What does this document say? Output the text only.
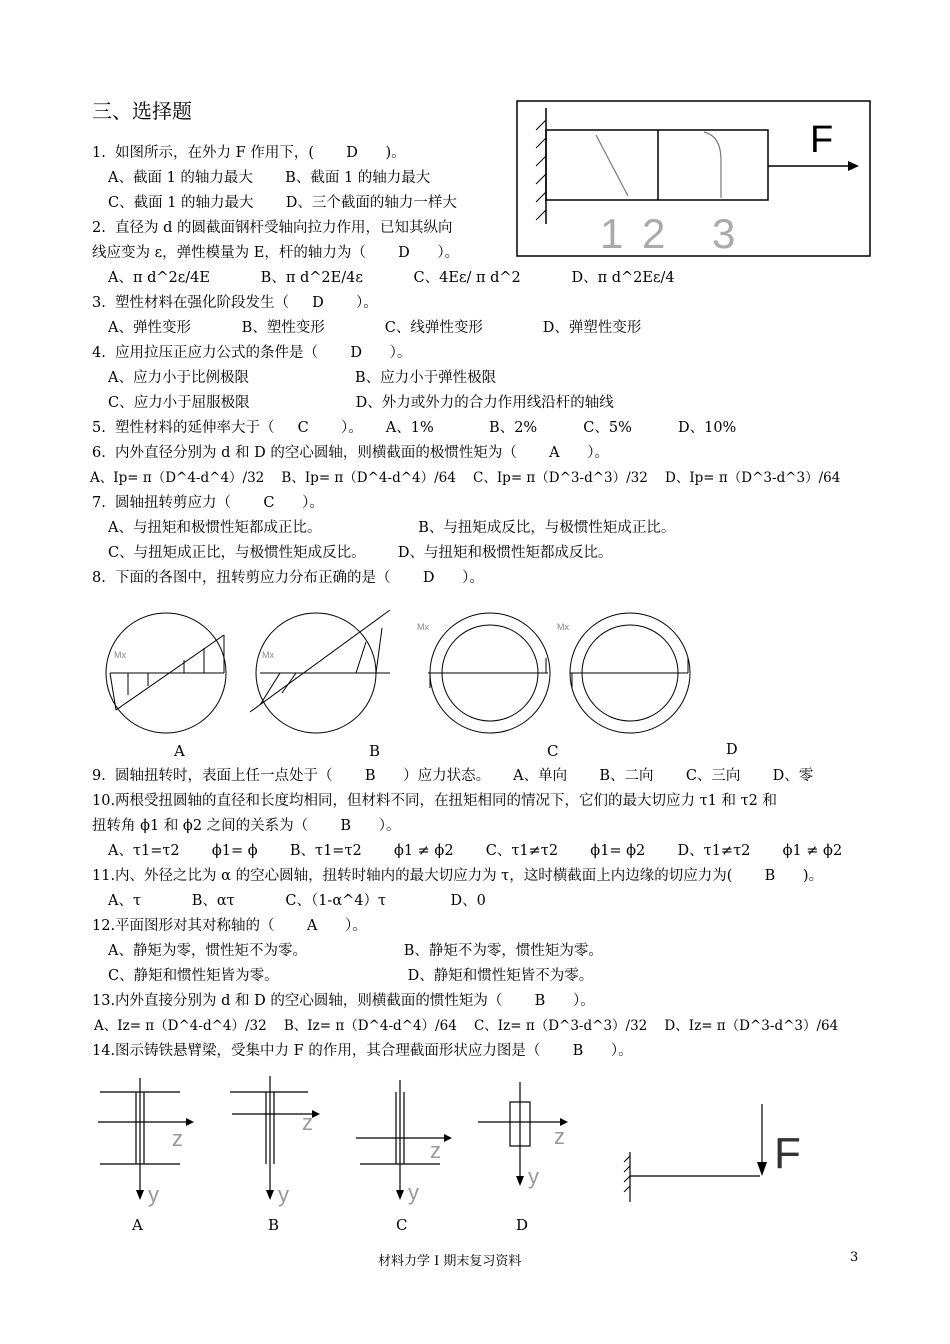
三、选择题
F
1 2 3
1.  如图所示，在外力 F 作用下，(       D      )。
A、截面 1 的轴力最大       B、截面 1 的轴力最大
C、截面 1 的轴力最大       D、三个截面的轴力一样大
2.  直径为 d 的圆截面钢杆受轴向拉力作用，已知其纵向
线应变为 ε，弹性模量为 E，杆的轴力为（       D      ）。
A、π d^2ε/4E           B、π d^2E/4ε           C、4Eε/ π d^2           D、π d^2Eε/4
3.  塑性材料在强化阶段发生（     D       ）。
A、弹性变形           B、塑性变形             C、线弹性变形             D、弹塑性变形
4.  应用拉压正应力公式的条件是（       D      ）。
A、应力小于比例极限                       B、应力小于弹性极限
C、应力小于屈服极限                       D、外力或外力的合力作用线沿杆的轴线
5.  塑性材料的延伸率大于（     C       ）。     A、1%            B、2%          C、5%          D、10%
6.  内外直径分别为 d 和 D 的空心圆轴，则横截面的极惯性矩为（       A      ）。
A、Ip= π（D^4-d^4）/32    B、Ip= π（D^4-d^4）/64    C、Ip= π（D^3-d^3）/32    D、Ip= π（D^3-d^3）/64
7.  圆轴扭转剪应力（       C      ）。
A、与扭矩和极惯性矩都成正比。                     B、与扭矩成反比，与极惯性矩成正比。
C、与扭矩成正比，与极惯性矩成反比。       D、与扭矩和极惯性矩都成反比。
8.  下面的各图中，扭转剪应力分布正确的是（       D      ）。
Mx	Mx
Mx	Mx
A	B	C	D
9.  圆轴扭转时，表面上任一点处于（       B      ）应力状态。     A、单向       B、二向       C、三向       D、零
10.两根受扭圆轴的直径和长度均相同，但材料不同，在扭矩相同的情况下，它们的最大切应力 τ1 和 τ2 和
扭转角 ϕ1 和 ϕ2 之间的关系为（       B      ）。
A、τ1=τ2       ϕ1= ϕ       B、τ1=τ2       ϕ1 ≠ ϕ2       C、τ1≠τ2       ϕ1= ϕ2       D、τ1≠τ2       ϕ1 ≠ ϕ2
11.内、外径之比为 α 的空心圆轴，扭转时轴内的最大切应力为 τ，这时横截面上内边缘的切应力为(       B      )。
A、τ           B、ατ           C、（1-α^4）τ              D、0
12.平面图形对其对称轴的（       A      ）。
A、静矩为零，惯性矩不为零。                     B、静矩不为零，惯性矩为零。
C、静矩和惯性矩皆为零。                            D、静矩和惯性矩皆不为零。
13.内外直接分别为 d 和 D 的空心圆轴，则横截面的惯性矩为（       B      ）。
A、Iz= π（D^4-d^4）/32    B、Iz= π（D^4-d^4）/64    C、Iz= π（D^3-d^3）/32    D、Iz= π（D^3-d^3）/64
14.图示铸铁悬臂梁，受集中力 F 的作用，其合理截面形状应力图是（       B      ）。
z
y
z
y
z
y
z
y	F
A	B	C	D
材料力学 I 期末复习资料	3
